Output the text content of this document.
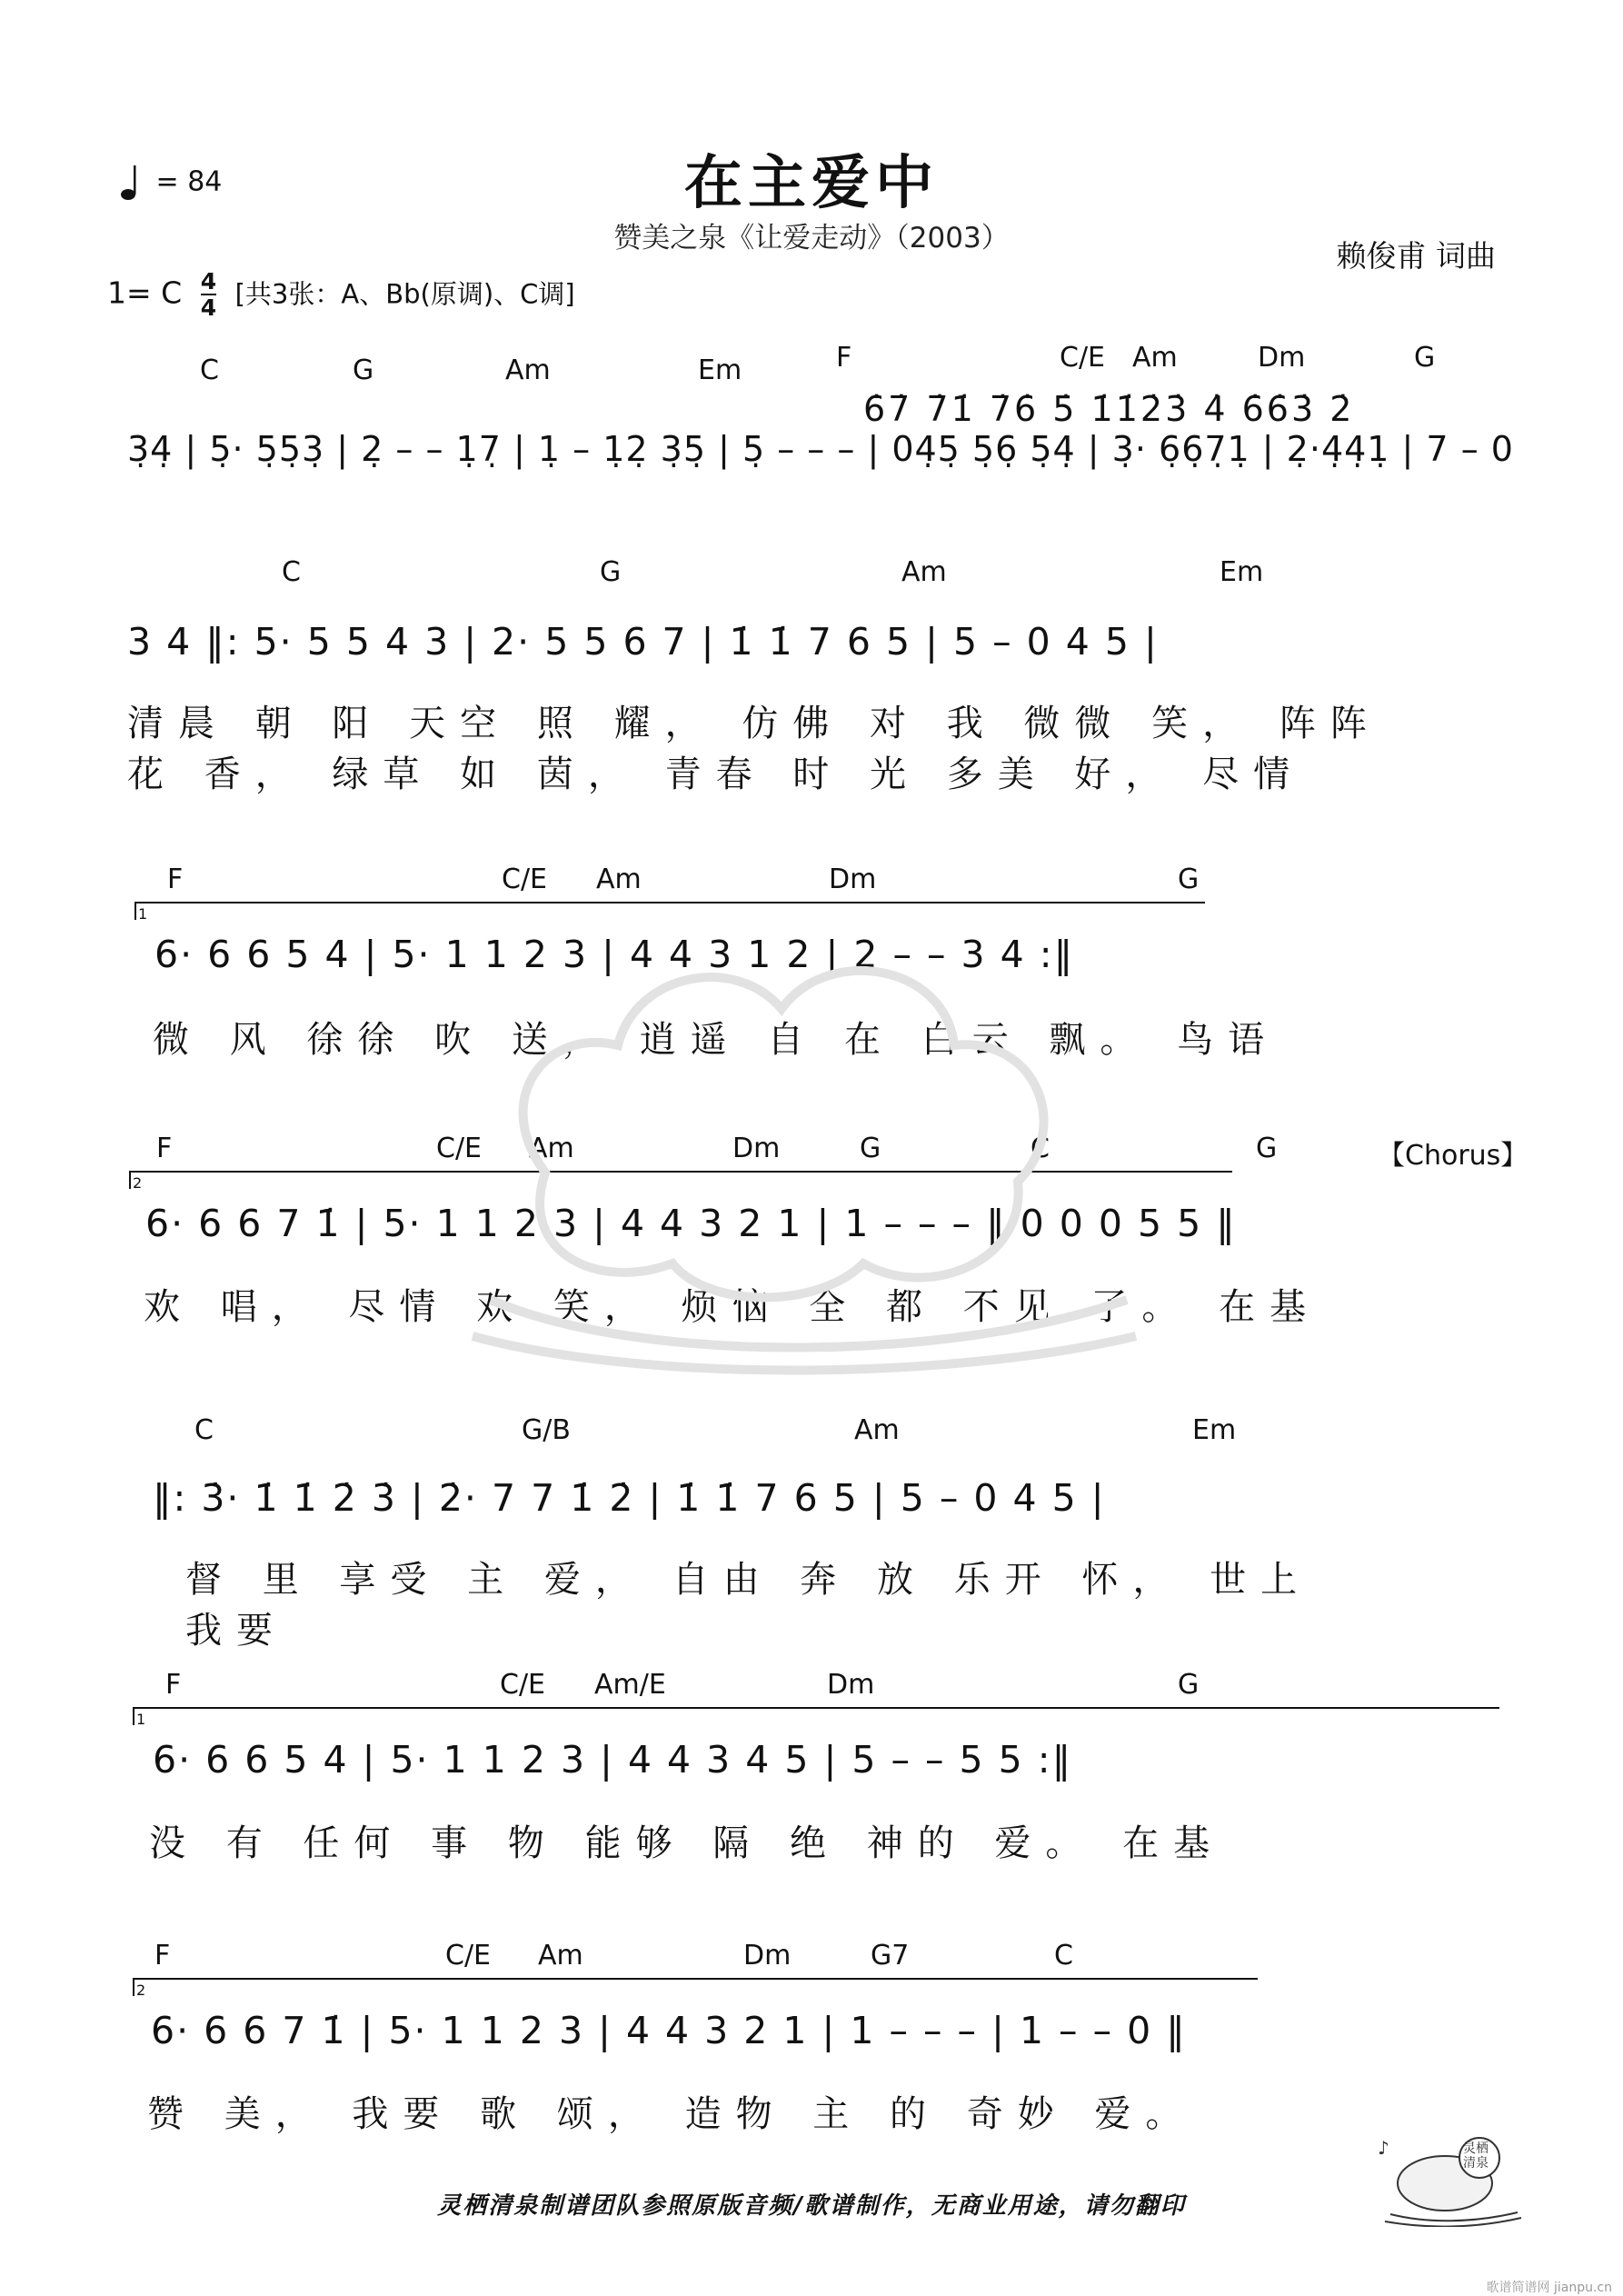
在主爱中
赞美之泉《让爱走动》（2003）	赖俊甫 词曲
= 84
1= C $\frac{4}{4}$ [共3张：A、Bb(原调)、C调]
C	G	Am	Em	F	C/E Am	Dm	G
6̇7̇ 7̇1̇ 7̇6̇ 5̇ 1̇1̇2̇3̇ 4̇ 6̇6̇3̇ 2̇
3̣4̣ | 5̣· 5̣5̣3̣ | 2̣ – – 1̣7̣ | 1̣ – 1̣2̣ 3̣5̣ | 5̣ – – – | 04̣5̣ 5̣6̣ 5̣4̣ | 3̣· 6̣6̣7̣1̣ | 2̣·4̣4̣1̣ | 7 – 0
C	G	Am	Em
3 4 ‖: 5· 5 5 4 3 | 2· 5 5 6 7 | 1̇ 1̇ 7 6 5 | 5 – 0 4 5 |
清晨 朝 阳 天空 照 耀， 仿佛 对 我 微微 笑， 阵阵
花 香， 绿草 如 茵， 青春 时 光 多美 好， 尽情
F	C/E Am	Dm	G
1
6· 6 6 5 4 | 5· 1 1 2 3 | 4 4 3 1 2 | 2 – – 3 4 :‖
微 风 徐徐 吹 送， 逍遥 自 在 白云 飘。 鸟语
F	C/E Am	Dm	G	C	G	【Chorus】
2
6· 6 6 7 1̇ | 5· 1 1 2 3 | 4 4 3 2 1 | 1 – – – ‖ 0 0 0 5 5 ‖
欢 唱， 尽情 欢 笑， 烦恼 全 都 不见 了。 在基
C	G/B	Am	Em
‖: 3̇· 1̇ 1̇ 2̇ 3̇ | 2̇· 7 7 1̇ 2̇ | 1̇ 1̇ 7 6 5 | 5 – 0 4 5 |
督 里 享受 主 爱， 自由 奔 放 乐开 怀， 世上
我要
F	C/E Am/E	Dm	G
1
6· 6 6 5 4 | 5· 1 1 2 3 | 4 4 3 4 5 | 5 – – 5 5 :‖
没 有 任何 事 物 能够 隔 绝 神的 爱。 在基
F	C/E Am	Dm	G7	C
2
6· 6 6 7 1̇ | 5· 1 1 2 3 | 4 4 3 2 1 | 1 – – – | 1 – – 0 ‖
赞 美， 我要 歌 颂， 造物 主 的 奇妙 爱。
灵栖清泉制谱团队参照原版音频/歌谱制作，无商业用途，请勿翻印
♪	灵栖清泉
歌谱简谱网 jianpu.cn
